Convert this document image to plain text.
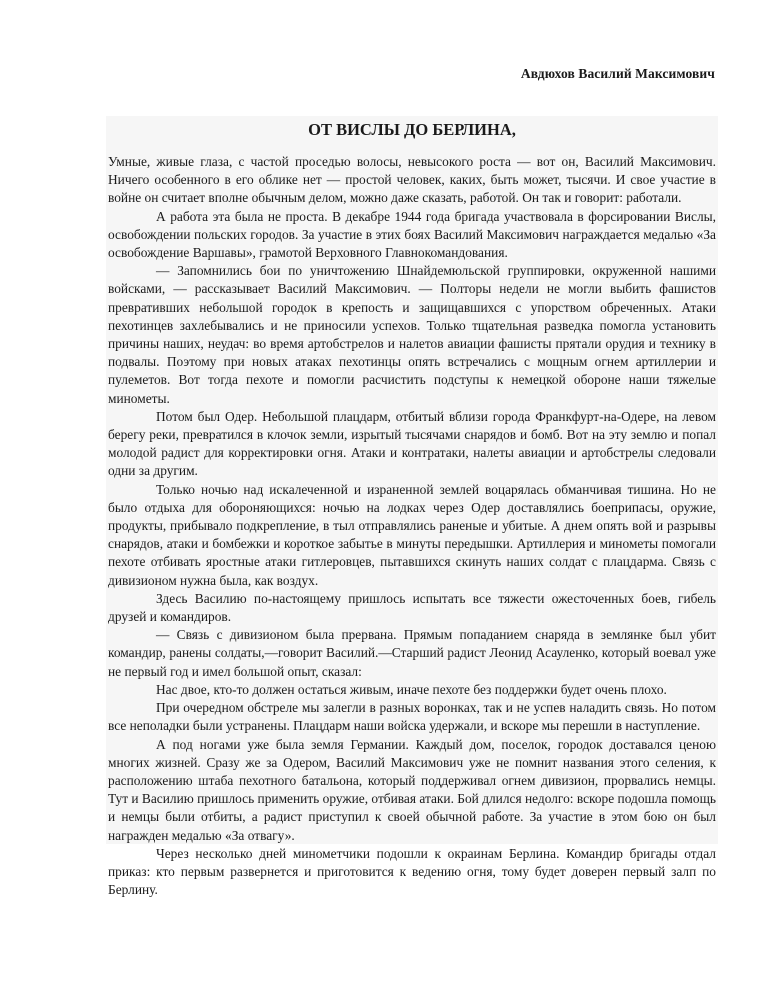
Авдюхов Василий Максимович
ОТ ВИСЛЫ ДО БЕРЛИНА,

Умные, живые глаза, с частой проседью волосы, невысокого роста — вот он, Василий Максимович. Ничего особенного в его облике нет — простой человек, каких, быть может, тысячи. И свое участие в войне он считает вполне обычным делом, можно даже сказать, работой. Он так и говорит: работали.

А работа эта была не проста. В декабре 1944 года бригада участвовала в форсировании Вислы, освобождении польских городов. За участие в этих боях Василий Максимович награждается медалью «За освобождение Варшавы», грамотой Верховного Главнокомандования.

— Запомнились бои по уничтожению Шнайдемюльской группировки, окруженной нашими войсками, — рассказывает Василий Максимович. — Полторы недели не могли выбить фашистов превративших небольшой городок в крепость и защищавшихся с упорством обреченных. Атаки пехотинцев захлебывались и не приносили успехов. Только тщательная разведка помогла установить причины наших, неудач: во время артобстрелов и налетов авиации фашисты прятали орудия и технику в подвалы. Поэтому при новых атаках пехотинцы опять встречались с мощным огнем артиллерии и пулеметов. Вот тогда пехоте и помогли расчистить подступы к немецкой обороне наши тяжелые минометы.

Потом был Одер. Небольшой плацдарм, отбитый вблизи города Франкфурт-на-Одере, на левом берегу реки, превратился в клочок земли, изрытый тысячами снарядов и бомб. Вот на эту землю и попал молодой радист для корректировки огня. Атаки и контратаки, налеты авиации и артобстрелы следовали одни за другим.

Только ночью над искалеченной и израненной землей воцарялась обманчивая тишина. Но не было отдыха для обороняющихся: ночью на лодках через Одер доставлялись боеприпасы, оружие, продукты, прибывало подкрепление, в тыл отправлялись раненые и убитые. А днем опять вой и разрывы снарядов, атаки и бомбежки и короткое забытье в минуты передышки. Артиллерия и минометы помогали пехоте отбивать яростные атаки гитлеровцев, пытавшихся скинуть наших солдат с плацдарма. Связь с дивизионом нужна была, как воздух.

Здесь Василию по-настоящему пришлось испытать все тяжести ожесточенных боев, гибель друзей и командиров.

— Связь с дивизионом была прервана. Прямым попаданием снаряда в землянке был убит командир, ранены солдаты,—говорит Василий.—Старший радист Леонид Асауленко, который воевал уже не первый год и имел большой опыт, сказал:

Нас двое, кто-то должен остаться живым, иначе пехоте без поддержки будет очень плохо.

При очередном обстреле мы залегли в разных воронках, так и не успев наладить связь. Но потом все неполадки были устранены. Плацдарм наши войска удержали, и вскоре мы перешли в наступление.

А под ногами уже была земля Германии. Каждый дом, поселок, городок доставался ценою многих жизней. Сразу же за Одером, Василий Максимович уже не помнит названия этого селения, к расположению штаба пехотного батальона, который поддерживал огнем дивизион, прорвались немцы. Тут и Василию пришлось применить оружие, отбивая атаки. Бой длился недолго: вскоре подошла помощь и немцы были отбиты, а радист приступил к своей обычной работе. За участие в этом бою он был награжден медалью «За отвагу».

Через несколько дней минометчики подошли к окраинам Берлина. Командир бригады отдал приказ: кто первым развернется и приготовится к ведению огня, тому будет доверен первый залп по Берлину.
